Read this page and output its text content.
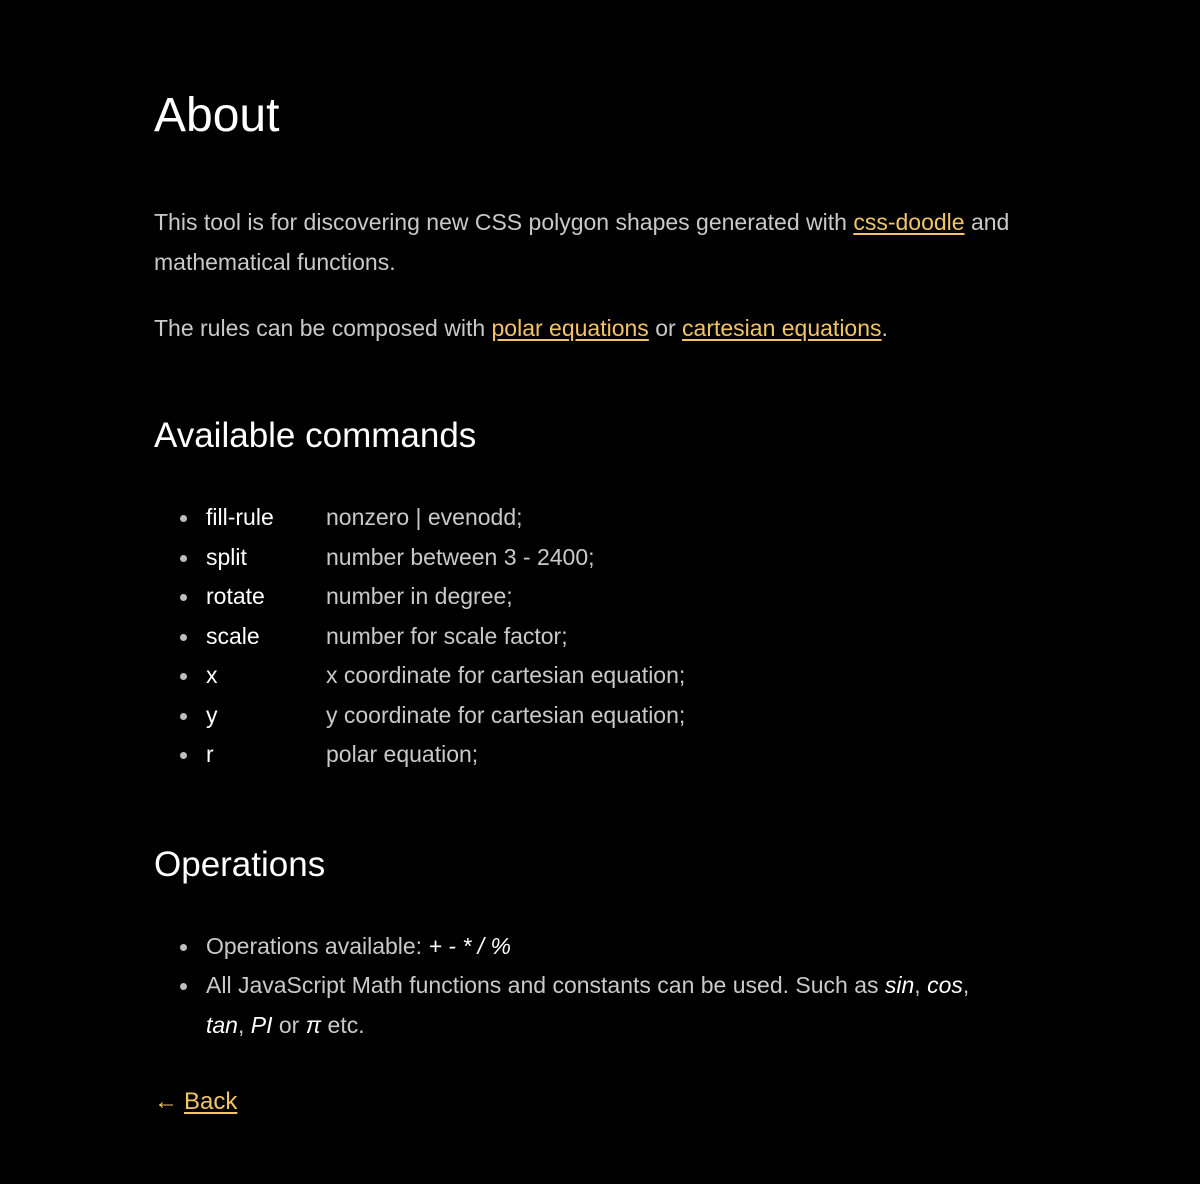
About

This tool is for discovering new CSS polygon shapes generated with css-doodle and mathematical functions.

The rules can be composed with polar equations or cartesian equations.

Available commands
fill-rule nonzero | evenodd;
split	number between 3 - 2400;
rotate	number in degree;
scale	number for scale factor;
x	x coordinate for cartesian equation;
y	y coordinate for cartesian equation;
r	polar equation;
Operations
Operations available: + - * / %
All JavaScript Math functions and constants can be used. Such as sin, cos, tan, PI or π etc.
← Back
